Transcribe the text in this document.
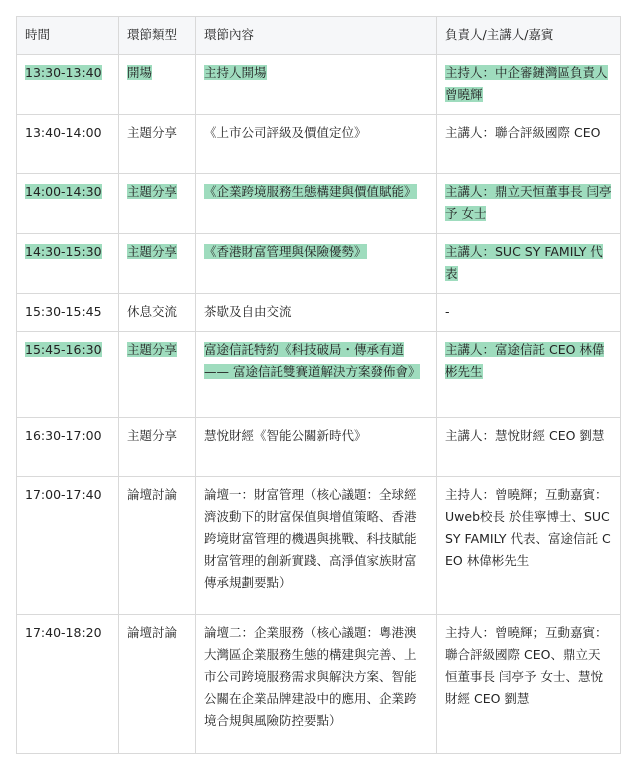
時間	環節類型	環節內容	負責人/主講人/嘉賓
13:30-13:40	開場	主持人開場	主持人：中企審鏈灣區負責人 曾曉輝
13:40-14:00	主題分享	《上市公司評級及價值定位》	主講人：聯合評級國際 CEO
14:00-14:30	主題分享	《企業跨境服務生態構建與價值賦能》	主講人：鼎立天恒董事長 闫亭予 女士
14:30-15:30	主題分享	《香港財富管理與保險優勢》	主講人：SUC SY FAMILY 代表
15:30-15:45	休息交流	茶歇及自由交流	-
15:45-16:30	主題分享	富途信託特約《科技破局・傳承有道 —— 富途信託雙賽道解決方案發佈會》	主講人：富途信託 CEO 林偉彬先生
16:30-17:00	主題分享	慧悅財經《智能公關新時代》	主講人：慧悅財經 CEO 劉慧
17:00-17:40	論壇討論	論壇一：財富管理（核心議題：全球經濟波動下的財富保值與增值策略、香港跨境財富管理的機遇與挑戰、科技賦能財富管理的創新實踐、高淨值家族財富傳承規劃要點）	主持人：曾曉輝；互動嘉賓：Uweb校長 於佳寧博士、SUC SY FAMILY 代表、富途信託 CEO 林偉彬先生
17:40-18:20	論壇討論	論壇二：企業服務（核心議題：粵港澳大灣區企業服務生態的構建與完善、上市公司跨境服務需求與解決方案、智能公關在企業品牌建設中的應用、企業跨境合規與風險防控要點）	主持人：曾曉輝；互動嘉賓：聯合評級國際 CEO、鼎立天恒董事長 闫亭予 女士、慧悅財經 CEO 劉慧
